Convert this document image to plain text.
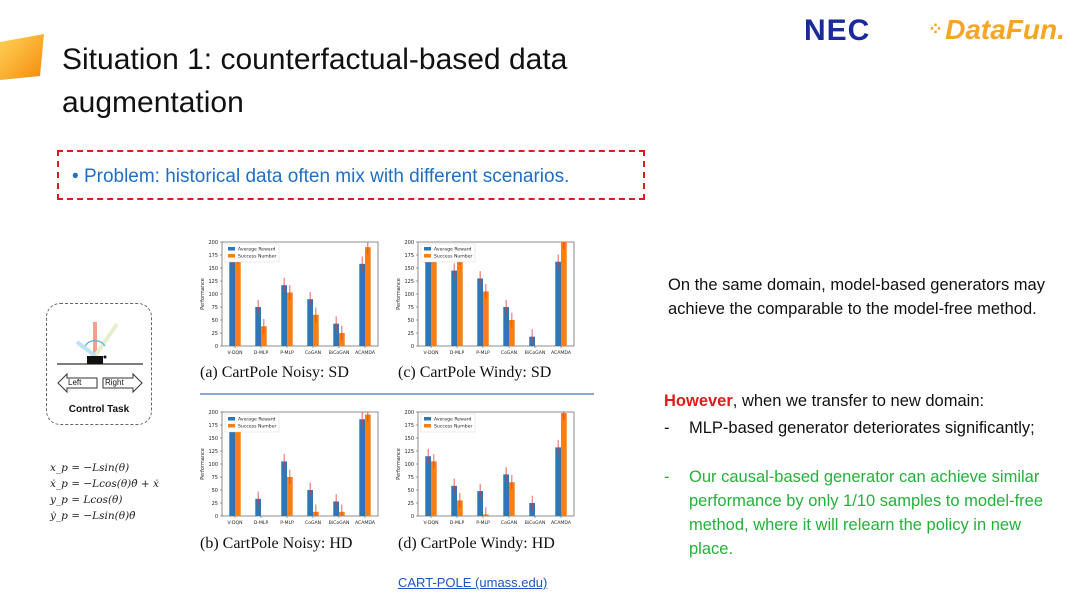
Situation 1: counterfactual-based data augmentation
NEC	⁘DataFun.
• Problem: historical data often mix with different scenarios.
Left	Right
Control Task
x_p = −Lsin(θ)
ẋ_p = −Lcos(θ)θ̇ + ẋ
y_p = Lcos(θ)
ẏ_p = −Lsin(θ)θ̇
0
25
50
75
100
125
150
175
200
Performance
V-DQN D-MLP	P-MLP CoGAN BiCoGAN ACAMDA
Average Reward
Success Number
0
25
50
75
100
125
150
175
200
Performance
V-DQN D-MLP	P-MLP CoGAN BiCoGAN ACAMDA
Average Reward
Success Number
0
25
50
75
100
125
150
175
200
Performance
V-DQN D-MLP	P-MLP CoGAN BiCoGAN ACAMDA
Average Reward
Success Number
0
25
50
75
100
125
150
175
200
Performance
V-DQN D-MLP	P-MLP CoGAN BiCoGAN ACAMDA
Average Reward
Success Number
(a) CartPole Noisy: SD	(c) CartPole Windy: SD
(b) CartPole Noisy: HD	(d) CartPole Windy: HD
CART-POLE (umass.edu)
On the same domain, model-based generators may achieve the comparable to the model-free method.
However, when we transfer to new domain:
- MLP-based generator deteriorates significantly;
- Our causal-based generator can achieve similar performance by only 1/10 samples to model-free method, where it will relearn the policy in new place.
